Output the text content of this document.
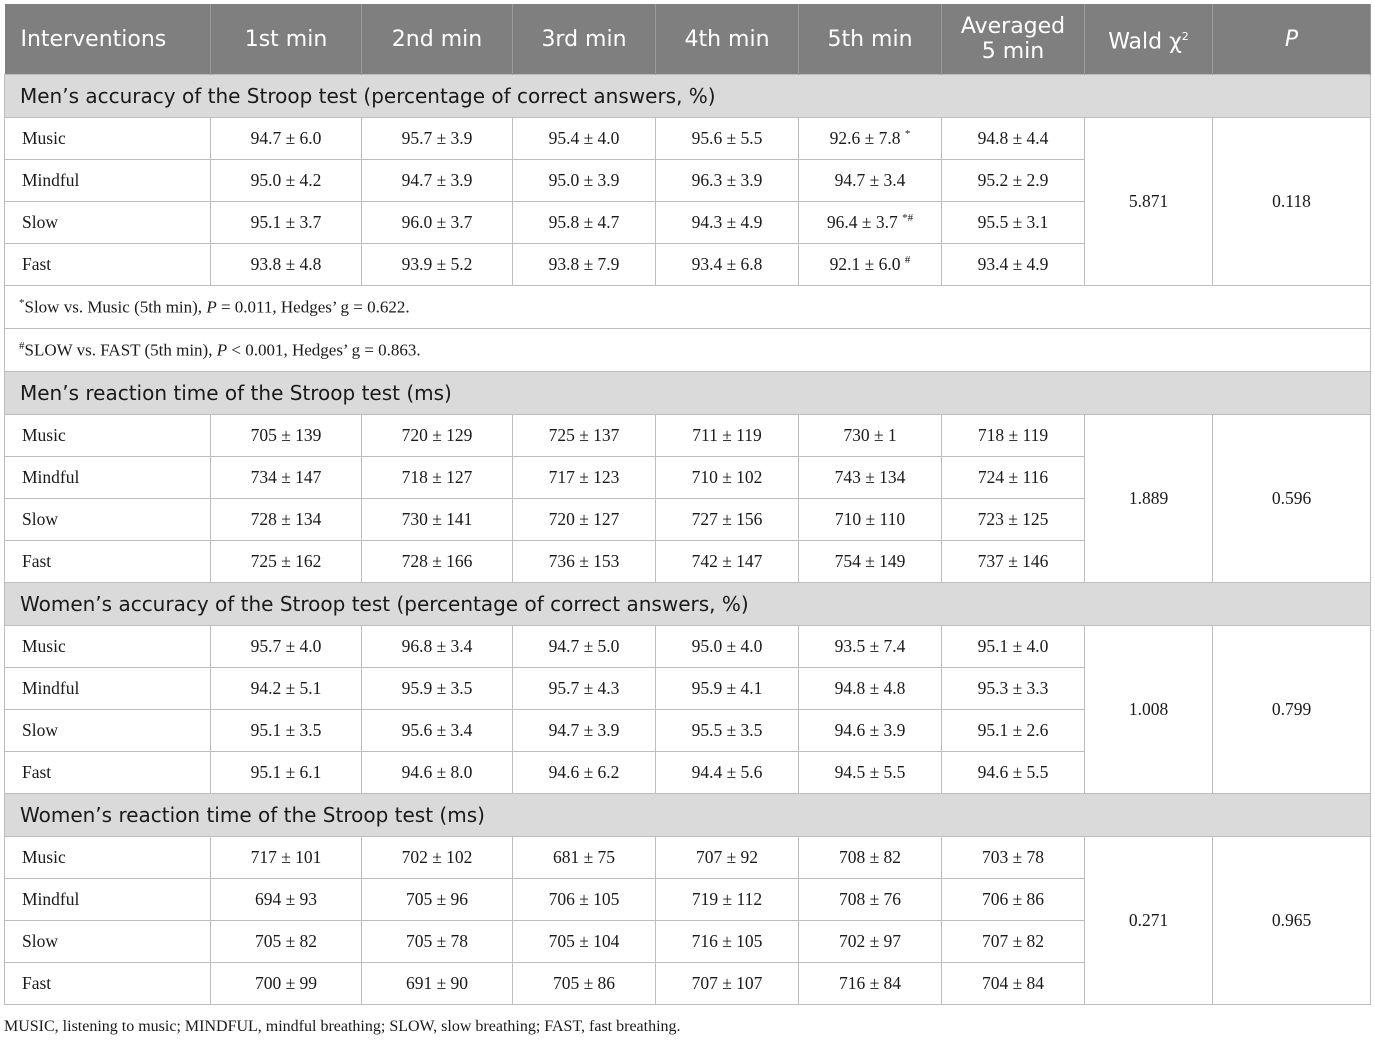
Interventions	1st min	2nd min	3rd min	4th min	5th min	Averaged
5 min	Wald $\chi^2$	P
Men’s accuracy of the Stroop test (percentage of correct answers, %)								
Music	94.7 ± 6.0	95.7 ± 3.9	95.4 ± 4.0	95.6 ± 5.5	92.6 ± 7.8 *	94.8 ± 4.4	5.871	0.118
Mindful	95.0 ± 4.2	94.7 ± 3.9	95.0 ± 3.9	96.3 ± 3.9	94.7 ± 3.4	95.2 ± 2.9		
Slow	95.1 ± 3.7	96.0 ± 3.7	95.8 ± 4.7	94.3 ± 4.9	96.4 ± 3.7 *#	95.5 ± 3.1		
Fast	93.8 ± 4.8	93.9 ± 5.2	93.8 ± 7.9	93.4 ± 6.8	92.1 ± 6.0 #	93.4 ± 4.9		
*Slow vs. Music (5th min), P = 0.011, Hedges’ g = 0.622.								
#SLOW vs. FAST (5th min), P < 0.001, Hedges’ g = 0.863.								
Men’s reaction time of the Stroop test (ms)								
Music	705 ± 139	720 ± 129	725 ± 137	711 ± 119	730 ± 1	718 ± 119	1.889	0.596
Mindful	734 ± 147	718 ± 127	717 ± 123	710 ± 102	743 ± 134	724 ± 116		
Slow	728 ± 134	730 ± 141	720 ± 127	727 ± 156	710 ± 110	723 ± 125		
Fast	725 ± 162	728 ± 166	736 ± 153	742 ± 147	754 ± 149	737 ± 146		
Women’s accuracy of the Stroop test (percentage of correct answers, %)								
Music	95.7 ± 4.0	96.8 ± 3.4	94.7 ± 5.0	95.0 ± 4.0	93.5 ± 7.4	95.1 ± 4.0	1.008	0.799
Mindful	94.2 ± 5.1	95.9 ± 3.5	95.7 ± 4.3	95.9 ± 4.1	94.8 ± 4.8	95.3 ± 3.3		
Slow	95.1 ± 3.5	95.6 ± 3.4	94.7 ± 3.9	95.5 ± 3.5	94.6 ± 3.9	95.1 ± 2.6		
Fast	95.1 ± 6.1	94.6 ± 8.0	94.6 ± 6.2	94.4 ± 5.6	94.5 ± 5.5	94.6 ± 5.5		
Women’s reaction time of the Stroop test (ms)								
Music	717 ± 101	702 ± 102	681 ± 75	707 ± 92	708 ± 82	703 ± 78	0.271	0.965
Mindful	694 ± 93	705 ± 96	706 ± 105	719 ± 112	708 ± 76	706 ± 86		
Slow	705 ± 82	705 ± 78	705 ± 104	716 ± 105	702 ± 97	707 ± 82		
Fast	700 ± 99	691 ± 90	705 ± 86	707 ± 107	716 ± 84	704 ± 84		
MUSIC, listening to music; MINDFUL, mindful breathing; SLOW, slow breathing; FAST, fast breathing.
